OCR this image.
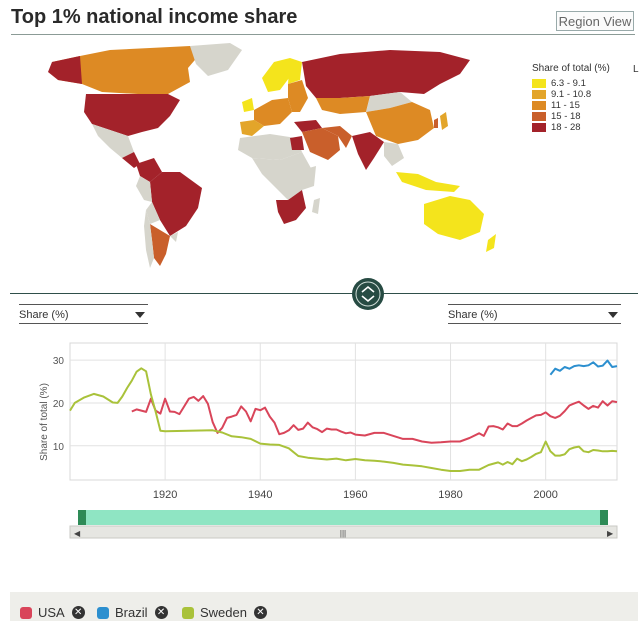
Top 1% national income share	Region View
Share of total (%)
6.3 - 9.1
9.1 - 10.8
11 - 15
15 - 18
18 - 28
L
Share (%)	Share (%)
Share of total (%) 10
20
30
1920	1940	1960	1980	2000
◀	▶
|||
USA ✕	Brazil ✕	Sweden ✕
